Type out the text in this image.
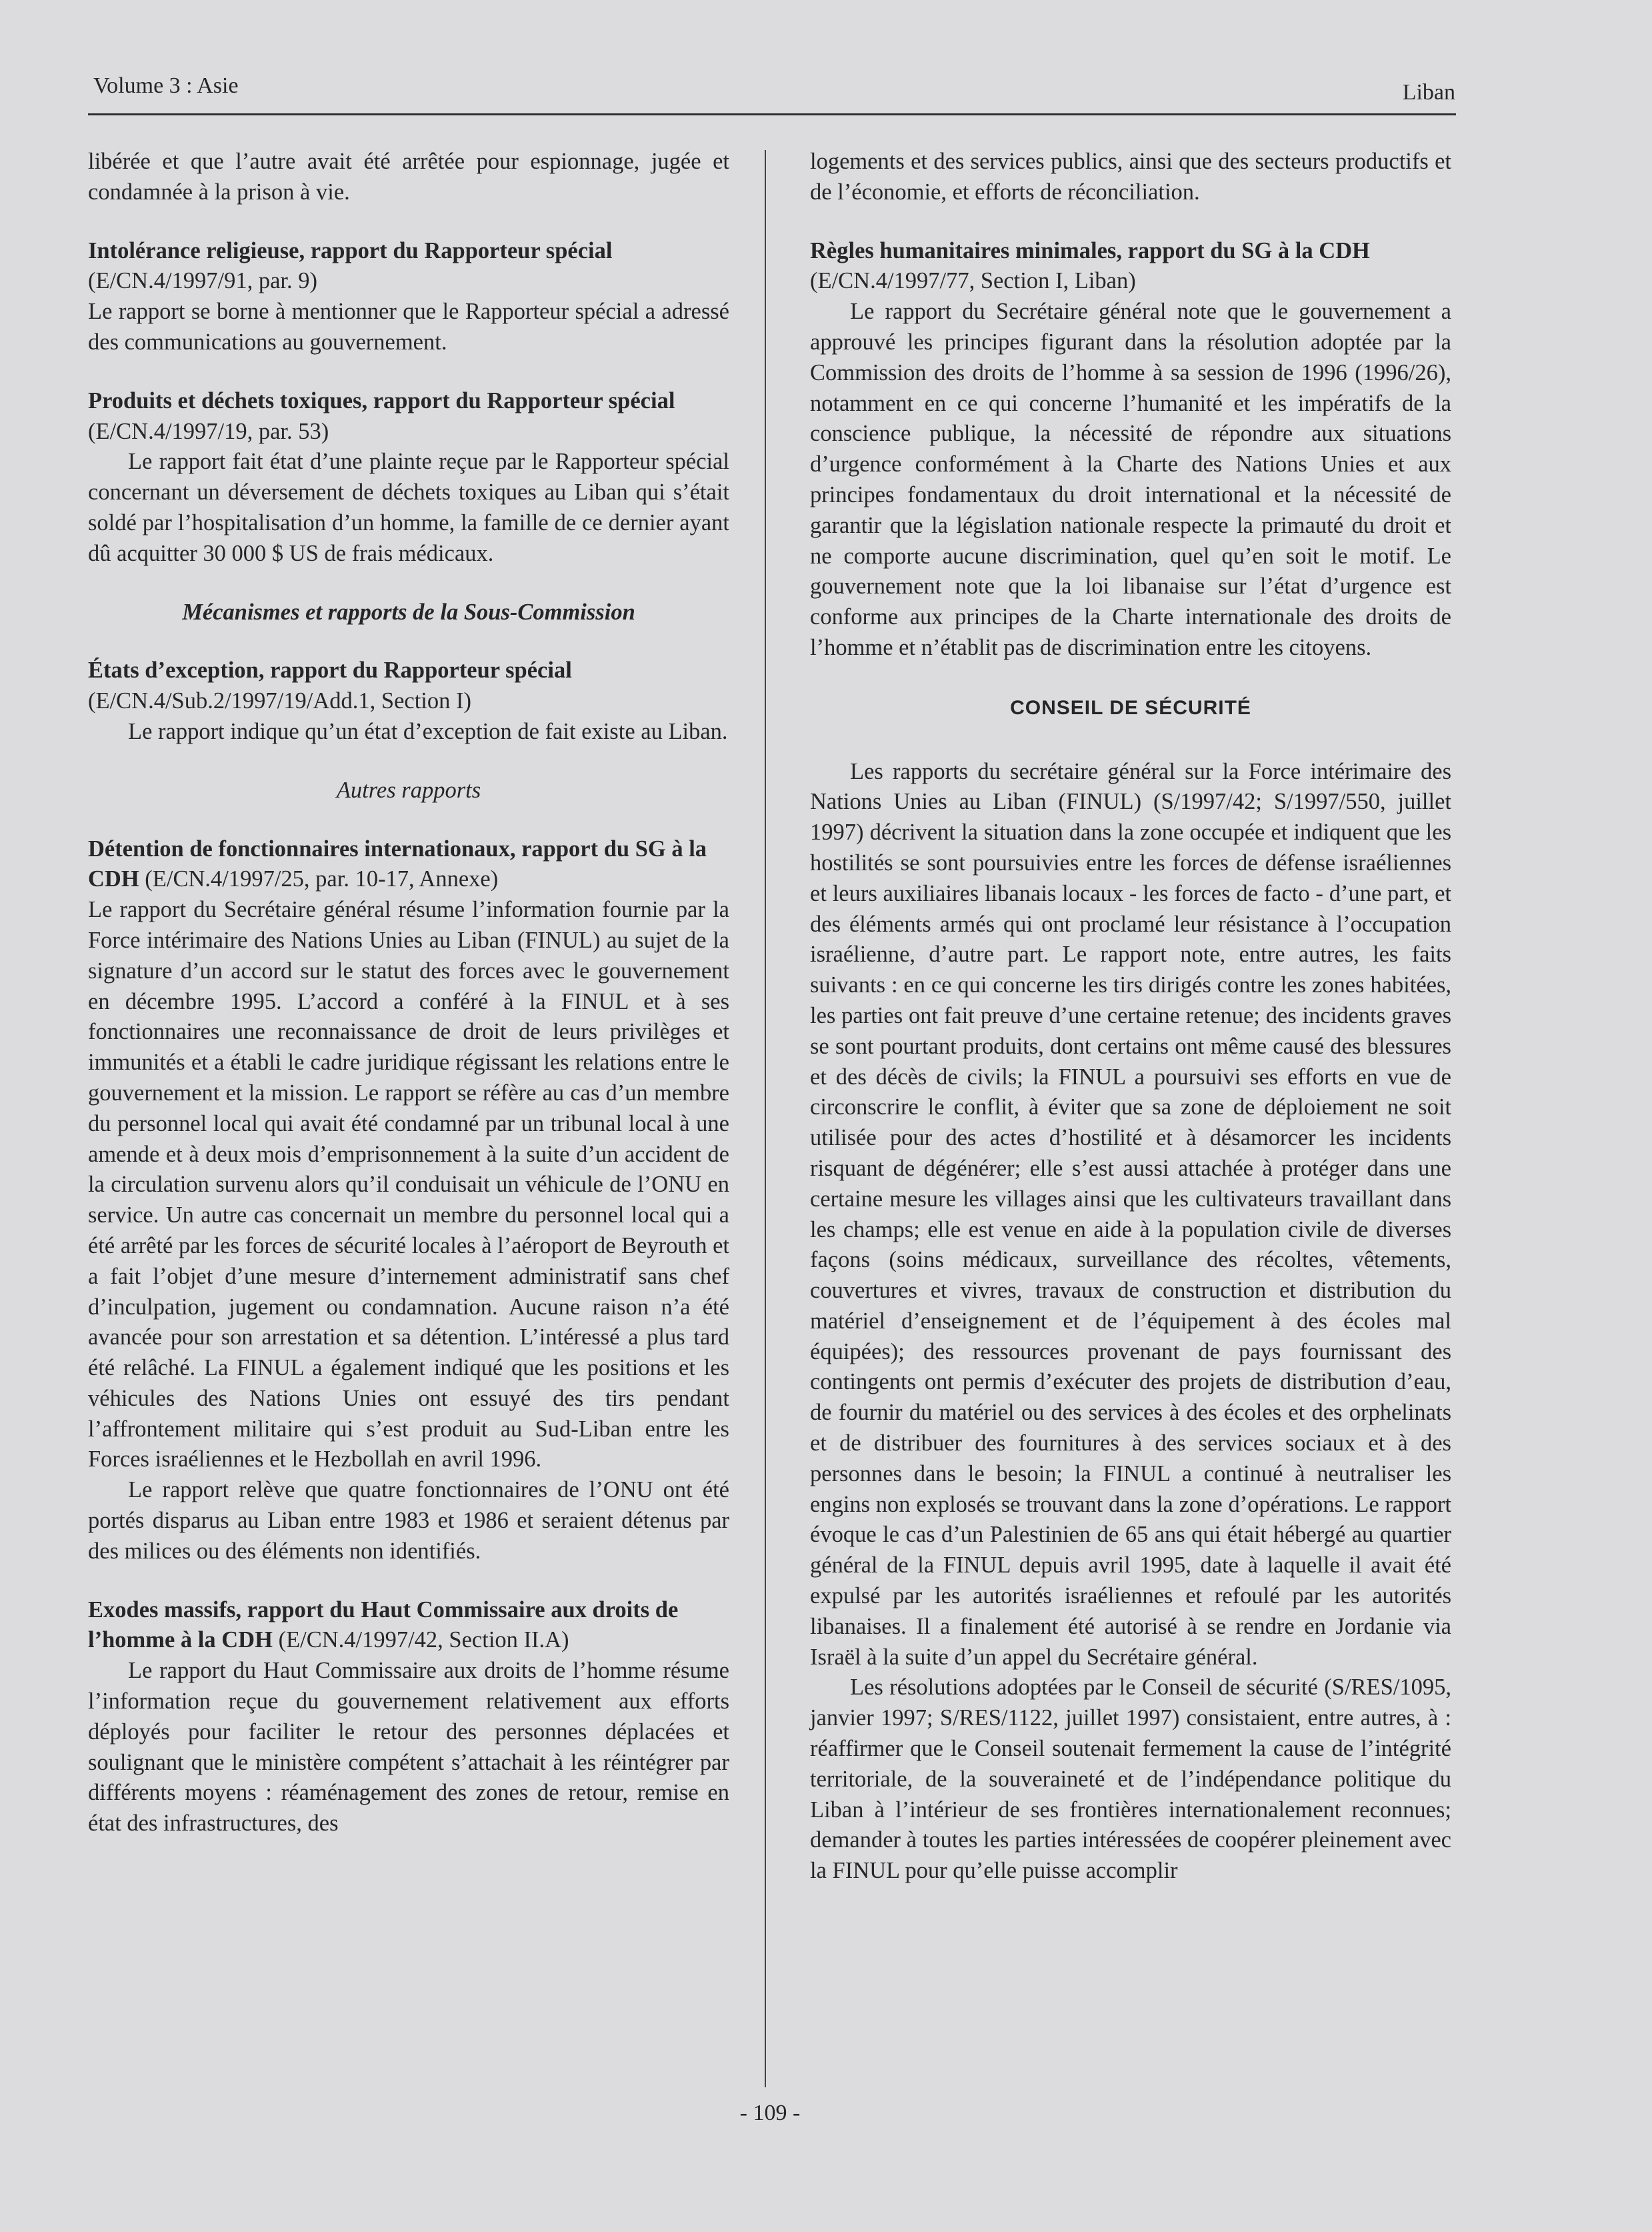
Volume 3 : Asie	Liban

libérée et que l’autre avait été arrêtée pour espionnage, jugée et condamnée à la prison à vie.

Intolérance religieuse, rapport du Rapporteur spécial
(E/CN.4/1997/91, par. 9)

Le rapport se borne à mentionner que le Rapporteur spécial a adressé des communications au gouvernement.

Produits et déchets toxiques, rapport du Rapporteur spécial (E/CN.4/1997/19, par. 53)

Le rapport fait état d’une plainte reçue par le Rapporteur spécial concernant un déversement de déchets toxiques au Liban qui s’était soldé par l’hospitalisation d’un homme, la famille de ce dernier ayant dû acquitter 30 000 $ US de frais médicaux.

Mécanismes et rapports de la Sous-Commission

États d’exception, rapport du Rapporteur spécial
(E/CN.4/Sub.2/1997/19/Add.1, Section I)

Le rapport indique qu’un état d’exception de fait existe au Liban.

Autres rapports

Détention de fonctionnaires internationaux, rapport du SG à la CDH (E/CN.4/1997/25, par. 10-17, Annexe)

Le rapport du Secrétaire général résume l’information fournie par la Force intérimaire des Nations Unies au Liban (FINUL) au sujet de la signature d’un accord sur le statut des forces avec le gouvernement en décembre 1995. L’accord a conféré à la FINUL et à ses fonctionnaires une reconnaissance de droit de leurs privilèges et immunités et a établi le cadre juridique régissant les relations entre le gouvernement et la mission. Le rapport se réfère au cas d’un membre du personnel local qui avait été condamné par un tribunal local à une amende et à deux mois d’emprisonnement à la suite d’un accident de la circulation survenu alors qu’il conduisait un véhicule de l’ONU en service. Un autre cas concernait un membre du personnel local qui a été arrêté par les forces de sécurité locales à l’aéroport de Beyrouth et a fait l’objet d’une mesure d’internement administratif sans chef d’inculpation, jugement ou condamnation. Aucune raison n’a été avancée pour son arrestation et sa détention. L’intéressé a plus tard été relâché. La FINUL a également indiqué que les positions et les véhicules des Nations Unies ont essuyé des tirs pendant l’affrontement militaire qui s’est produit au Sud-Liban entre les Forces israéliennes et le Hezbollah en avril 1996.

Le rapport relève que quatre fonctionnaires de l’ONU ont été portés disparus au Liban entre 1983 et 1986 et seraient détenus par des milices ou des éléments non identifiés.

Exodes massifs, rapport du Haut Commissaire aux droits de l’homme à la CDH (E/CN.4/1997/42, Section II.A)

Le rapport du Haut Commissaire aux droits de l’homme résume l’information reçue du gouvernement relativement aux efforts déployés pour faciliter le retour des personnes déplacées et soulignant que le ministère compétent s’attachait à les réintégrer par différents moyens : réaménagement des zones de retour, remise en état des infrastructures, des

logements et des services publics, ainsi que des secteurs productifs et de l’économie, et efforts de réconciliation.

Règles humanitaires minimales, rapport du SG à la CDH
(E/CN.4/1997/77, Section I, Liban)

Le rapport du Secrétaire général note que le gouvernement a approuvé les principes figurant dans la résolution adoptée par la Commission des droits de l’homme à sa session de 1996 (1996/26), notamment en ce qui concerne l’humanité et les impératifs de la conscience publique, la nécessité de répondre aux situations d’urgence conformément à la Charte des Nations Unies et aux principes fondamentaux du droit international et la nécessité de garantir que la législation nationale respecte la primauté du droit et ne comporte aucune discrimination, quel qu’en soit le motif. Le gouvernement note que la loi libanaise sur l’état d’urgence est conforme aux principes de la Charte internationale des droits de l’homme et n’établit pas de discrimination entre les citoyens.

CONSEIL DE SÉCURITÉ

Les rapports du secrétaire général sur la Force intérimaire des Nations Unies au Liban (FINUL) (S/1997/42; S/1997/550, juillet 1997) décrivent la situation dans la zone occupée et indiquent que les hostilités se sont poursuivies entre les forces de défense israéliennes et leurs auxiliaires libanais locaux - les forces de facto - d’une part, et des éléments armés qui ont proclamé leur résistance à l’occupation israélienne, d’autre part. Le rapport note, entre autres, les faits suivants : en ce qui concerne les tirs dirigés contre les zones habitées, les parties ont fait preuve d’une certaine retenue; des incidents graves se sont pourtant produits, dont certains ont même causé des blessures et des décès de civils; la FINUL a poursuivi ses efforts en vue de circonscrire le conflit, à éviter que sa zone de déploiement ne soit utilisée pour des actes d’hostilité et à désamorcer les incidents risquant de dégénérer; elle s’est aussi attachée à protéger dans une certaine mesure les villages ainsi que les cultivateurs travaillant dans les champs; elle est venue en aide à la population civile de diverses façons (soins médicaux, surveillance des récoltes, vêtements, couvertures et vivres, travaux de construction et distribution du matériel d’enseignement et de l’équipement à des écoles mal équipées); des ressources provenant de pays fournissant des contingents ont permis d’exécuter des projets de distribution d’eau, de fournir du matériel ou des services à des écoles et des orphelinats et de distribuer des fournitures à des services sociaux et à des personnes dans le besoin; la FINUL a continué à neutraliser les engins non explosés se trouvant dans la zone d’opérations. Le rapport évoque le cas d’un Palestinien de 65 ans qui était hébergé au quartier général de la FINUL depuis avril 1995, date à laquelle il avait été expulsé par les autorités israéliennes et refoulé par les autorités libanaises. Il a finalement été autorisé à se rendre en Jordanie via Israël à la suite d’un appel du Secrétaire général.

Les résolutions adoptées par le Conseil de sécurité (S/RES/1095, janvier 1997; S/RES/1122, juillet 1997) consistaient, entre autres, à : réaffirmer que le Conseil soutenait fermement la cause de l’intégrité territoriale, de la souveraineté et de l’indépendance politique du Liban à l’intérieur de ses frontières internationalement reconnues; demander à toutes les parties intéressées de coopérer pleinement avec la FINUL pour qu’elle puisse accomplir

- 109 -
